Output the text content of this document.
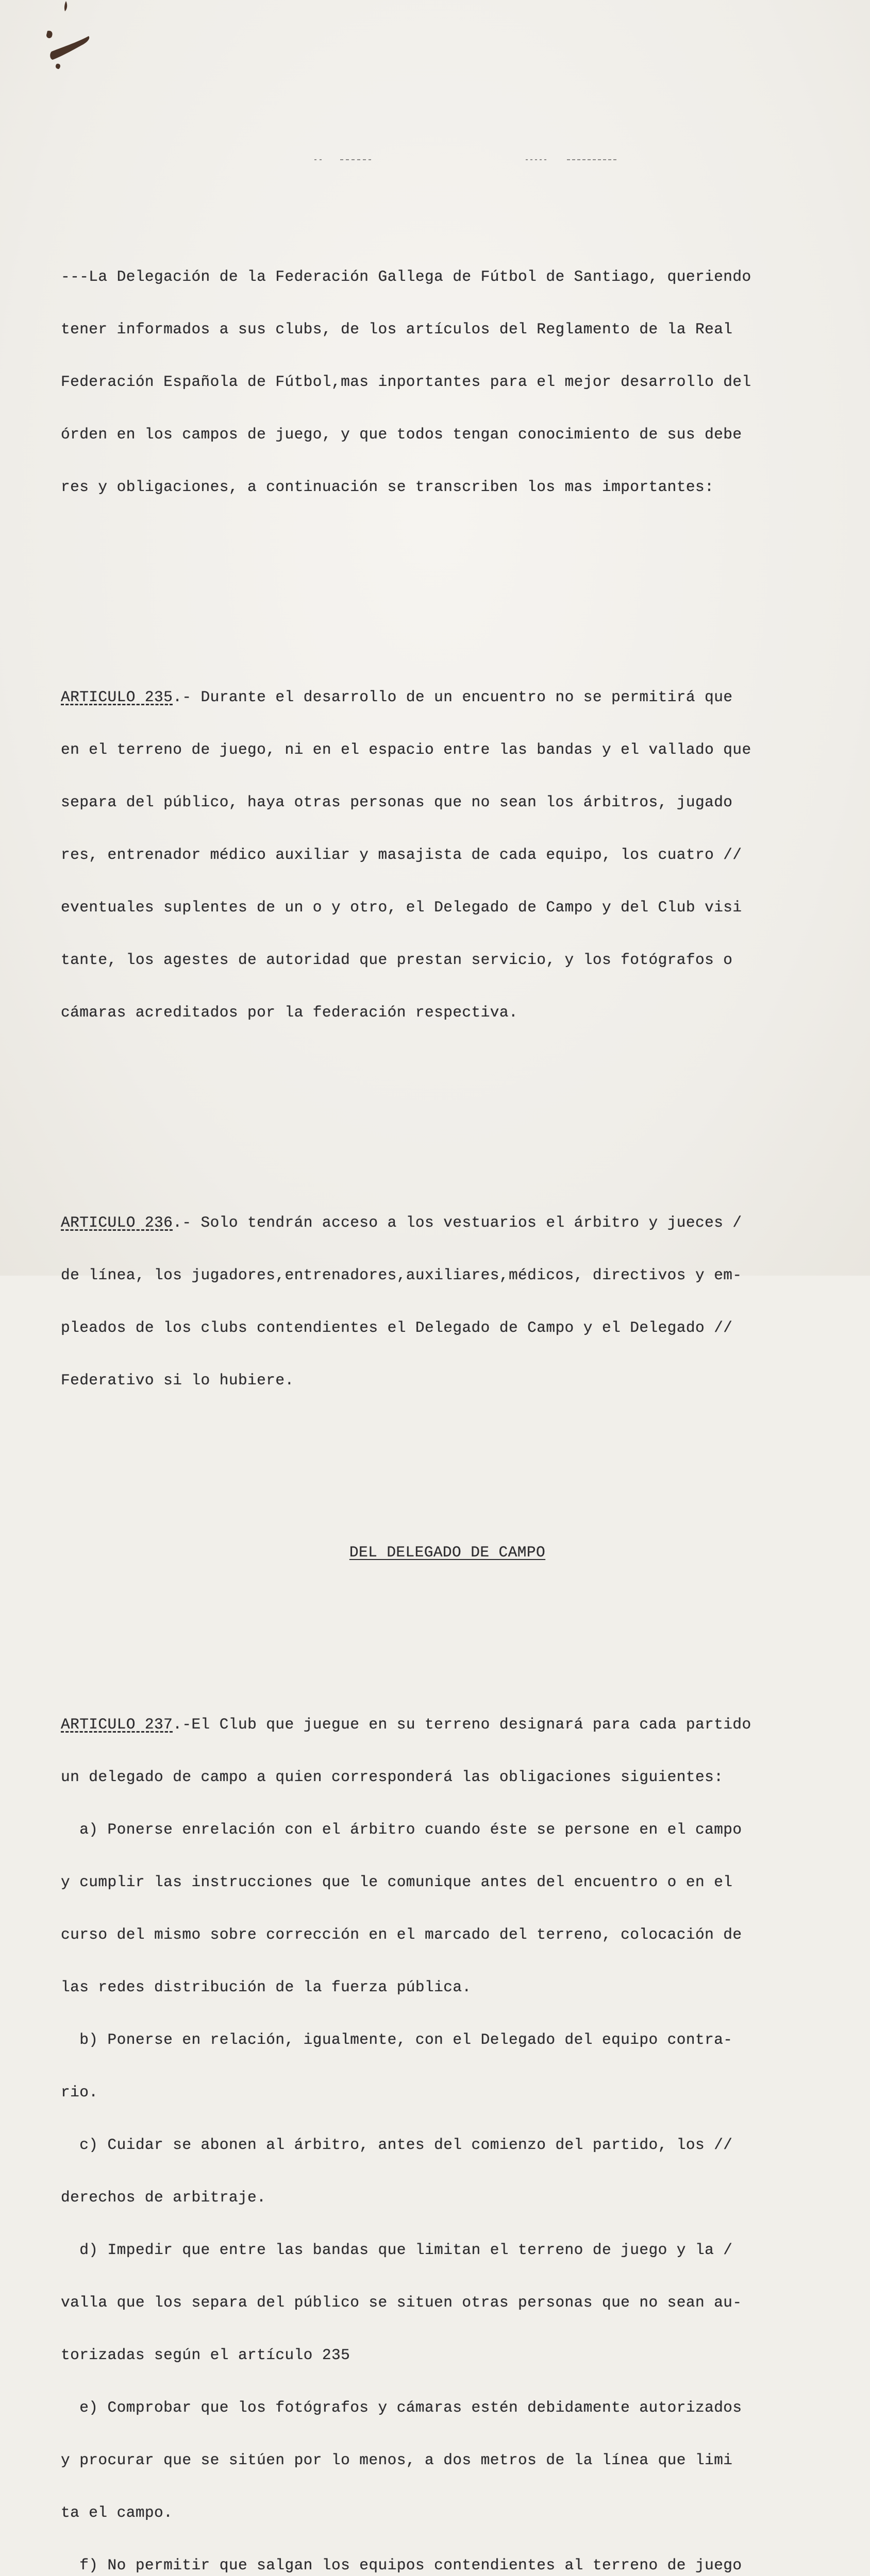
---La Delegación de la Federación Gallega de Fútbol de Santiago, queriendo

tener informados a sus clubs, de los artículos del Reglamento de la Real

Federación Española de Fútbol,mas inportantes para el mejor desarrollo del

órden en los campos de juego, y que todos tengan conocimiento de sus debe

res y obligaciones, a continuación se transcriben los mas importantes:

ARTICULO 235.- Durante el desarrollo de un encuentro no se permitirá que

en el terreno de juego, ni en el espacio entre las bandas y el vallado que

separa del público, haya otras personas que no sean los árbitros, jugado

res, entrenador médico auxiliar y masajista de cada equipo, los cuatro //

eventuales suplentes de un o y otro, el Delegado de Campo y del Club visi

tante, los agestes de autoridad que prestan servicio, y los fotógrafos o

cámaras acreditados por la federación respectiva.

ARTICULO 236.- Solo tendrán acceso a los vestuarios el árbitro y jueces /

de línea, los jugadores,entrenadores,auxiliares,médicos, directivos y em-

pleados de los clubs contendientes el Delegado de Campo y el Delegado //

Federativo si lo hubiere.

DEL DELEGADO DE CAMPO

ARTICULO 237.-El Club que juegue en su terreno designará para cada partido

un delegado de campo a quien corresponderá las obligaciones siguientes:

a) Ponerse enrelación con el árbitro cuando éste se persone en el campo

y cumplir las instrucciones que le comunique antes del encuentro o en el

curso del mismo sobre corrección en el marcado del terreno, colocación de

las redes distribución de la fuerza pública.

b) Ponerse en relación, igualmente, con el Delegado del equipo contra-

rio.

c) Cuidar se abonen al árbitro, antes del comienzo del partido, los //

derechos de arbitraje.

d) Impedir que entre las bandas que limitan el terreno de juego y la /

valla que los separa del público se situen otras personas que no sean au-

torizadas según el artículo 235

e) Comprobar que los fotógrafos y cámaras estén debidamente autorizados

y procurar que se sitúen por lo menos, a dos metros de la línea que limi

ta el campo.

f) No permitir que salgan los equipos contendientes al terreno de juego
